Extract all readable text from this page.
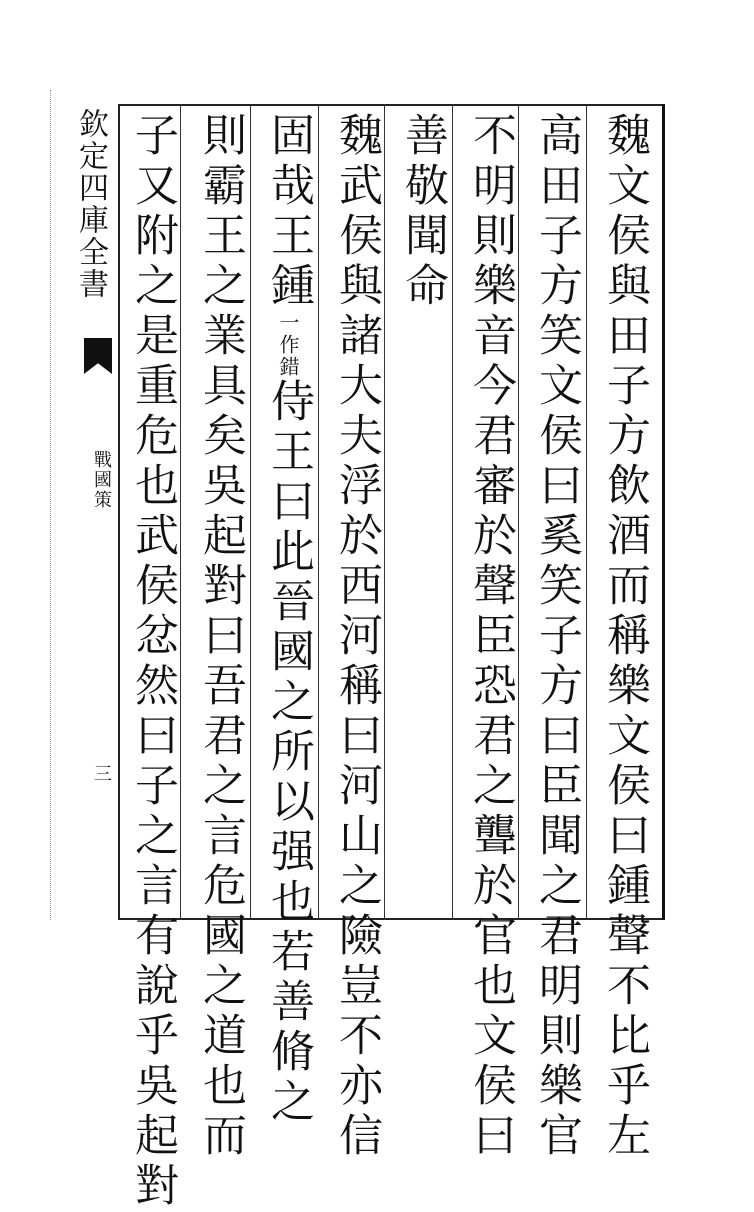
魏文侯與田子方飲酒而稱樂文侯曰鍾聲不比乎左
高田子方笑文侯曰奚笑子方曰臣聞之君明則樂官
不明則樂音今君審於聲臣恐君之聾於官也文侯曰
善敬聞命
魏武侯與諸大夫浮於西河稱曰河山之險豈不亦信
固哉王鍾一作錯侍王曰此晉國之所以强也若善脩之
則霸王之業具矣吳起對曰吾君之言危國之道也而
子又附之是重危也武侯忿然曰子之言有說乎吳起對
欽定四庫全書
戰國策
三
